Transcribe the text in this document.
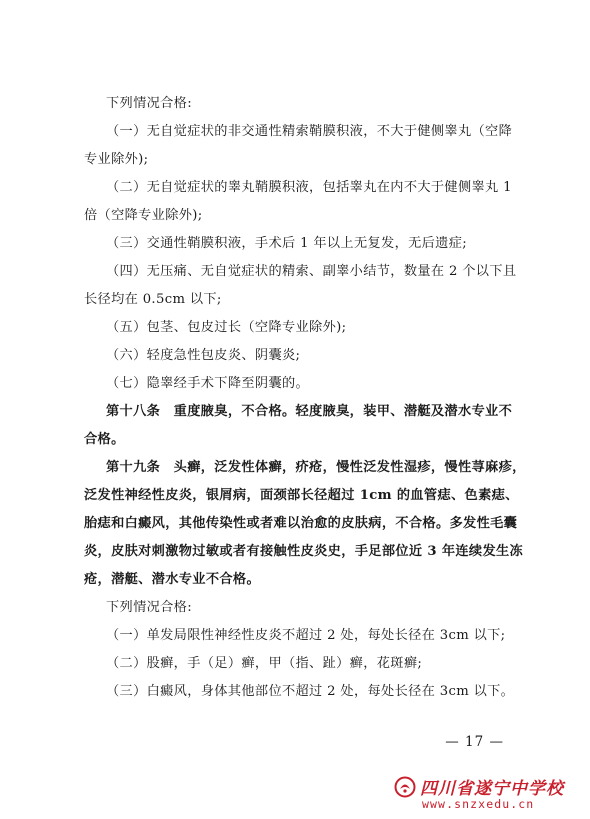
下列情况合格:
（一）无自觉症状的非交通性精索鞘膜积液，不大于健侧睾丸（空降
专业除外);
（二）无自觉症状的睾丸鞘膜积液，包括睾丸在内不大于健侧睾丸 1
倍（空降专业除外);
（三）交通性鞘膜积液，手术后 1 年以上无复发，无后遗症;
（四）无压痛、无自觉症状的精索、副睾小结节，数量在 2 个以下且
长径均在 0.5cm 以下;
（五）包茎、包皮过长（空降专业除外);
（六）轻度急性包皮炎、阴囊炎;
（七）隐睾经手术下降至阴囊的。
第十八条　重度腋臭，不合格。轻度腋臭，装甲、潜艇及潜水专业不
合格。
第十九条　头癣，泛发性体癣，疥疮，慢性泛发性湿疹，慢性荨麻疹，
泛发性神经性皮炎，银屑病，面颈部长径超过 1cm 的血管痣、色素痣、
胎痣和白癜风，其他传染性或者难以治愈的皮肤病，不合格。多发性毛囊
炎，皮肤对刺激物过敏或者有接触性皮炎史，手足部位近 3 年连续发生冻
疮，潜艇、潜水专业不合格。
下列情况合格:
（一）单发局限性神经性皮炎不超过 2 处，每处长径在 3cm 以下;
（二）股癣，手（足）癣，甲（指、趾）癣，花斑癣;
（三）白癜风，身体其他部位不超过 2 处，每处长径在 3cm 以下。
— 17 —
四川省遂宁中学校
www.snzxedu.cn
